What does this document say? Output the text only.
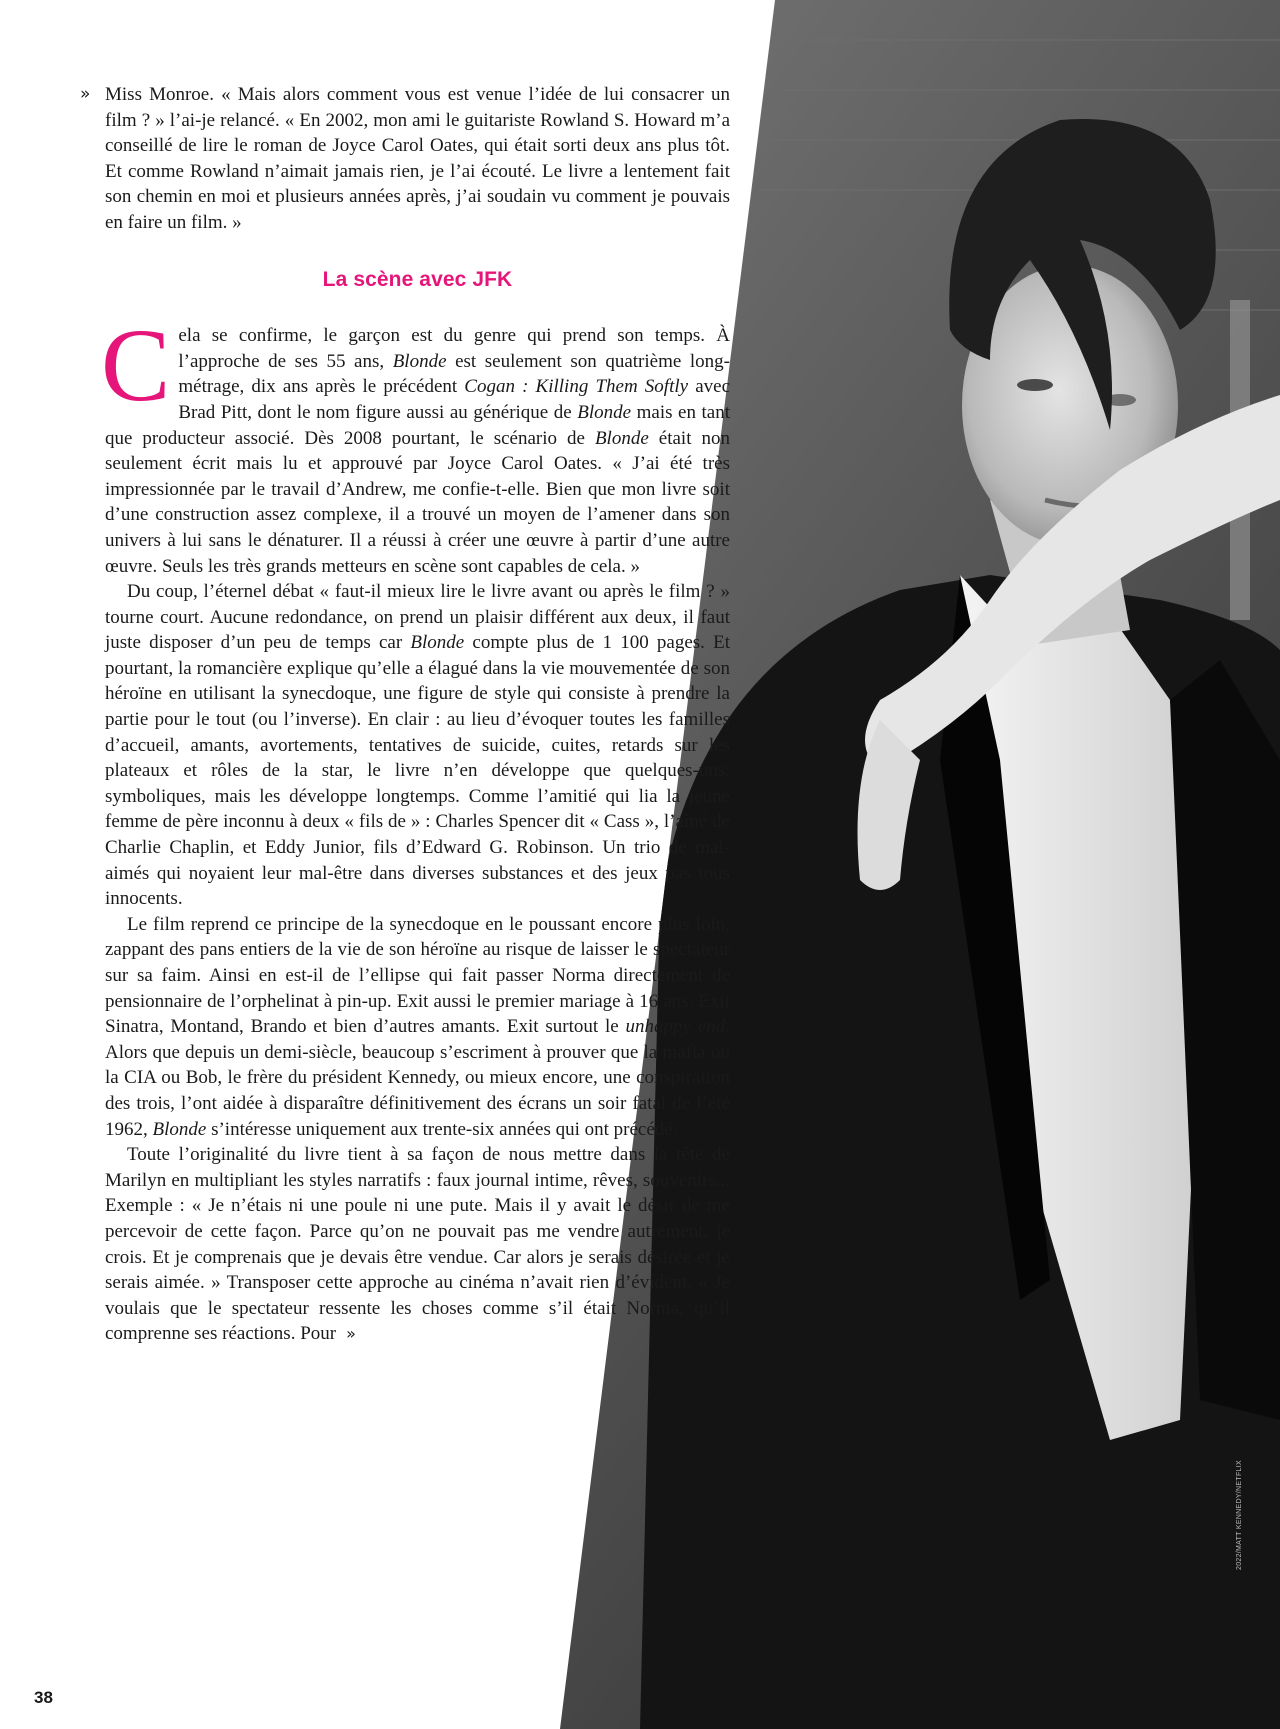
» Miss Monroe. « Mais alors comment vous est venue l’idée de lui consacrer un film ? » l’ai-je relancé. « En 2002, mon ami le guitariste Rowland S. Howard m’a conseillé de lire le roman de Joyce Carol Oates, qui était sorti deux ans plus tôt. Et comme Rowland n’aimait jamais rien, je l’ai écouté. Le livre a lentement fait son chemin en moi et plusieurs années après, j’ai soudain vu comment je pouvais en faire un film. »

La scène avec JFK

Cela se confirme, le garçon est du genre qui prend son temps. À l’approche de ses 55 ans, Blonde est seulement son quatrième long-métrage, dix ans après le précédent Cogan : Killing Them Softly avec Brad Pitt, dont le nom figure aussi au générique de Blonde mais en tant que producteur associé. Dès 2008 pourtant, le scénario de Blonde était non seulement écrit mais lu et approuvé par Joyce Carol Oates. « J’ai été très impressionnée par le travail d’Andrew, me confie-t-elle. Bien que mon livre soit d’une construction assez complexe, il a trouvé un moyen de l’amener dans son univers à lui sans le dénaturer. Il a réussi à créer une œuvre à partir d’une autre œuvre. Seuls les très grands metteurs en scène sont capables de cela. »

Du coup, l’éternel débat « faut-il mieux lire le livre avant ou après le film ? » tourne court. Aucune redondance, on prend un plaisir différent aux deux, il faut juste disposer d’un peu de temps car Blonde compte plus de 1 100 pages. Et pourtant, la romancière explique qu’elle a élagué dans la vie mouvementée de son héroïne en utilisant la synecdoque, une figure de style qui consiste à prendre la partie pour le tout (ou l’inverse). En clair : au lieu d’évoquer toutes les familles d’accueil, amants, avortements, tentatives de suicide, cuites, retards sur les plateaux et rôles de la star, le livre n’en développe que quelques-uns, symboliques, mais les développe longtemps. Comme l’amitié qui lia la jeune femme de père inconnu à deux « fils de » : Charles Spencer dit « Cass », l’aîné de Charlie Chaplin, et Eddy Junior, fils d’Edward G. Robinson. Un trio de mal-aimés qui noyaient leur mal-être dans diverses substances et des jeux pas tous innocents.

Le film reprend ce principe de la synecdoque en le poussant encore plus loin, zappant des pans entiers de la vie de son héroïne au risque de laisser le spectateur sur sa faim. Ainsi en est-il de l’ellipse qui fait passer Norma directement de pensionnaire de l’orphelinat à pin-up. Exit aussi le premier mariage à 16 ans. Exit Sinatra, Montand, Brando et bien d’autres amants. Exit surtout le unhappy end. Alors que depuis un demi-siècle, beaucoup s’escriment à prouver que la mafia ou la CIA ou Bob, le frère du président Kennedy, ou mieux encore, une conspiration des trois, l’ont aidée à disparaître définitivement des écrans un soir fatal de l’été 1962, Blonde s’intéresse uniquement aux trente-six années qui ont précédé.

Toute l’originalité du livre tient à sa façon de nous mettre dans la tête de Marilyn en multipliant les styles narratifs : faux journal intime, rêves, souvenirs... Exemple : « Je n’étais ni une poule ni une pute. Mais il y avait le désir de me percevoir de cette façon. Parce qu’on ne pouvait pas me vendre autrement, je crois. Et je comprenais que je devais être vendue. Car alors je serais désirée et je serais aimée. » Transposer cette approche au cinéma n’avait rien d’évident. « Je voulais que le spectateur ressente les choses comme s’il était Norma, qu’il comprenne ses réactions. Pour »

2022/MATT KENNEDY/NETFLIX
38
